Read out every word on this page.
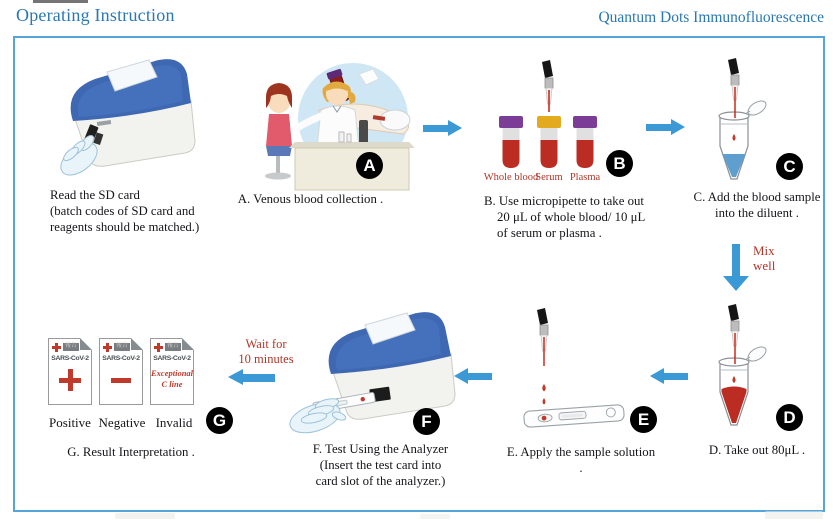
Operating Instruction	Quantum Dots Immunofluorescence
Read the SD card
(batch codes of SD card and
reagents should be matched.)
A
A. Venous blood collection .
Whole blood
Serum Plasma
B
B. Use micropipette to take out
20 μL of whole blood/ 10 μL
of serum or plasma .
C
C. Add the blood sample
into the diluent .
Mix
well
D
D. Take out 80μL .
E
E. Apply the sample solution .
F
F. Test Using the Analyzer
(Insert the test card into
card slot of the analyzer.)
Wait for
10 minutes
報告
SARS-CoV-2
報告
SARS-CoV-2
報告
SARS-CoV-2
Exceptional
C line
Positive Negative Invalid	G
G. Result Interpretation .
